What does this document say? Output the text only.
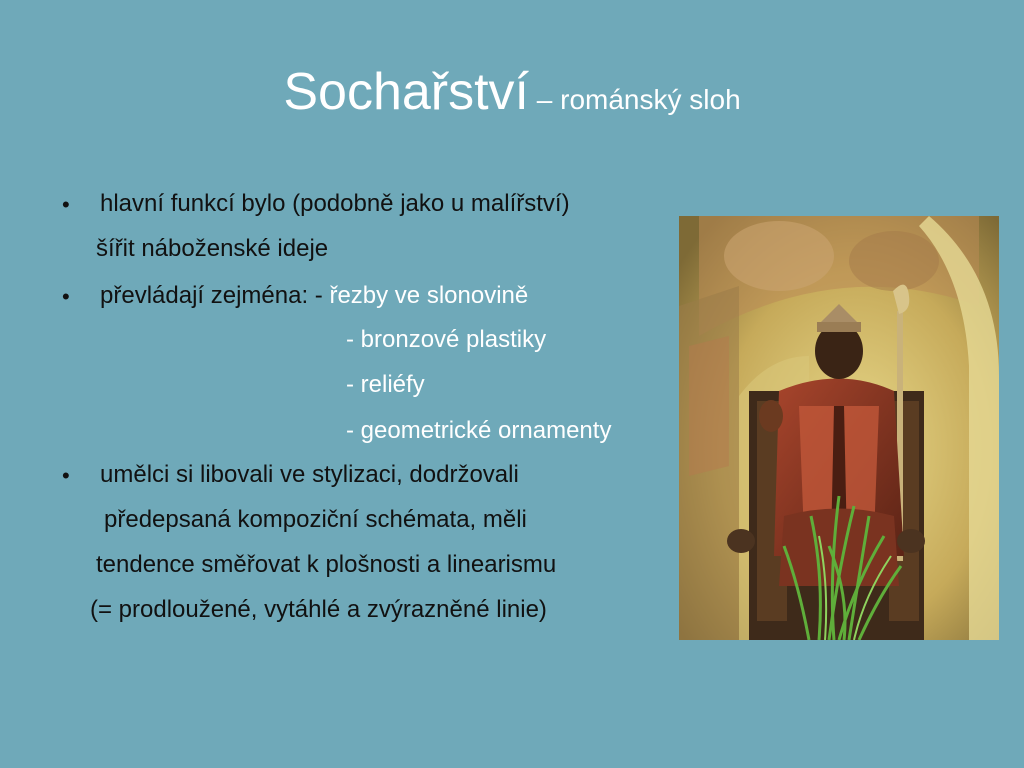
Sochařství – románský sloh
• hlavní funkcí bylo (podobně jako u malířství)
šířit náboženské ideje
• převládají zejména: - řezby ve slonovině
- bronzové plastiky
- reliéfy
- geometrické ornamenty
• umělci si libovali ve stylizaci, dodržovali
předepsaná kompoziční schémata, měli
tendence směřovat k plošnosti a linearismu
(= prodloužené, vytáhlé a zvýrazněné linie)
